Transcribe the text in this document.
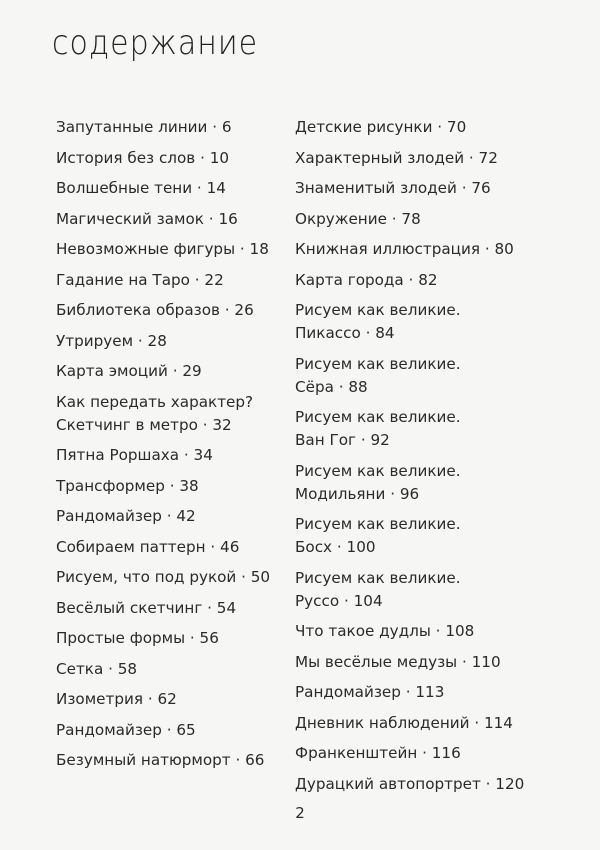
содержание
Запутанные линии · 6
История без слов · 10
Волшебные тени · 14
Магический замок · 16
Невозможные фигуры · 18
Гадание на Таро · 22
Библиотека образов · 26
Утрируем · 28
Карта эмоций · 29
Как передать характер?
Скетчинг в метро · 32
Пятна Роршаха · 34
Трансформер · 38
Рандомайзер · 42
Собираем паттерн · 46
Рисуем, что под рукой · 50
Весёлый скетчинг · 54
Простые формы · 56
Сетка · 58
Изометрия · 62
Рандомайзер · 65
Безумный натюрморт · 66
Детские рисунки · 70
Характерный злодей · 72
Знаменитый злодей · 76
Окружение · 78
Книжная иллюстрация · 80
Карта города · 82
Рисуем как великие.
Пикассо · 84
Рисуем как великие.
Сёра · 88
Рисуем как великие.
Ван Гог · 92
Рисуем как великие.
Модильяни · 96
Рисуем как великие.
Босх · 100
Рисуем как великие.
Руссо · 104
Что такое дудлы · 108
Мы весёлые медузы · 110
Рандомайзер · 113
Дневник наблюдений · 114
Франкенштейн · 116
Дурацкий автопортрет · 120
2
